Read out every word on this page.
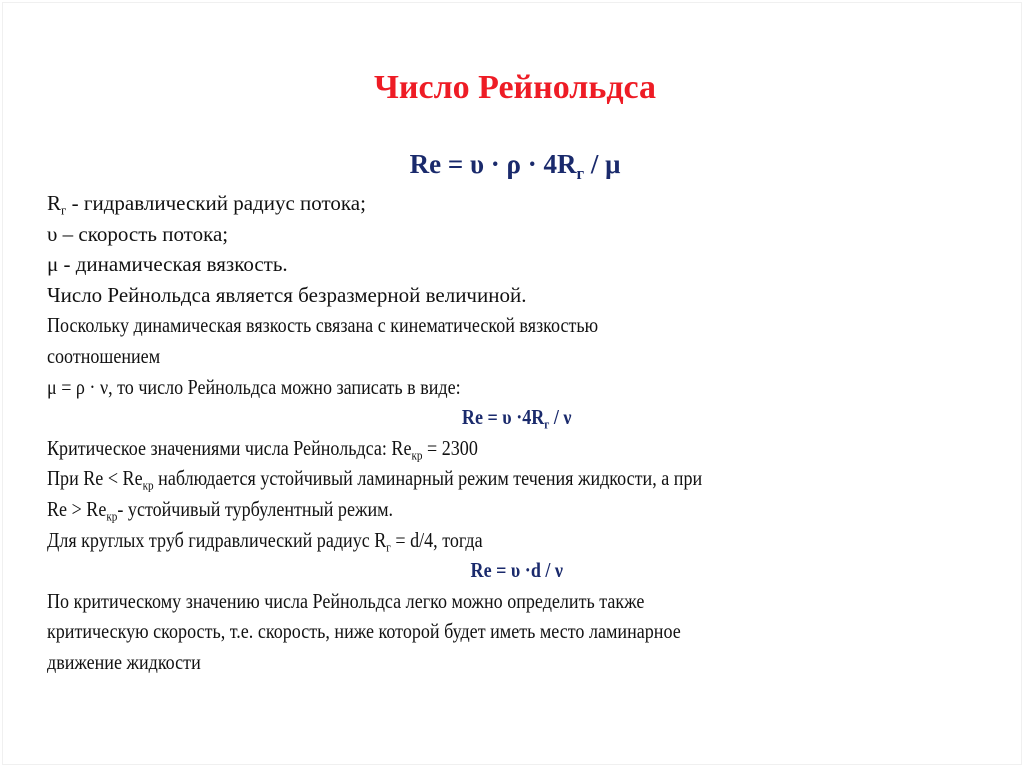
Число Рейнольдса
$Re = \upsilon \cdot \rho \cdot 4R_г / \mu$
$R_г$ - гидравлический радиус потока;
υ – скорость потока;
μ - динамическая вязкость.
Число Рейнольдса является безразмерной величиной.
Поскольку динамическая вязкость связана с кинематической вязкостью
соотношением
μ = ρ · ν, то число Рейнольдса можно записать в виде:
$Re = \upsilon \cdot 4R_г / \nu$
Критическое значениями числа Рейнольдса: $Re_{кр} = 2300$
При $Re < Re_{кр}$ наблюдается устойчивый ламинарный режим течения жидкости, а при
$Re > Re_{кр}-$ устойчивый турбулентный режим.
Для круглых труб гидравлический радиус $R_г = d/4$, тогда
Re = υ ·d / ν
По критическому значению числа Рейнольдса легко можно определить также
критическую скорость, т.е. скорость, ниже которой будет иметь место ламинарное
движение жидкости
